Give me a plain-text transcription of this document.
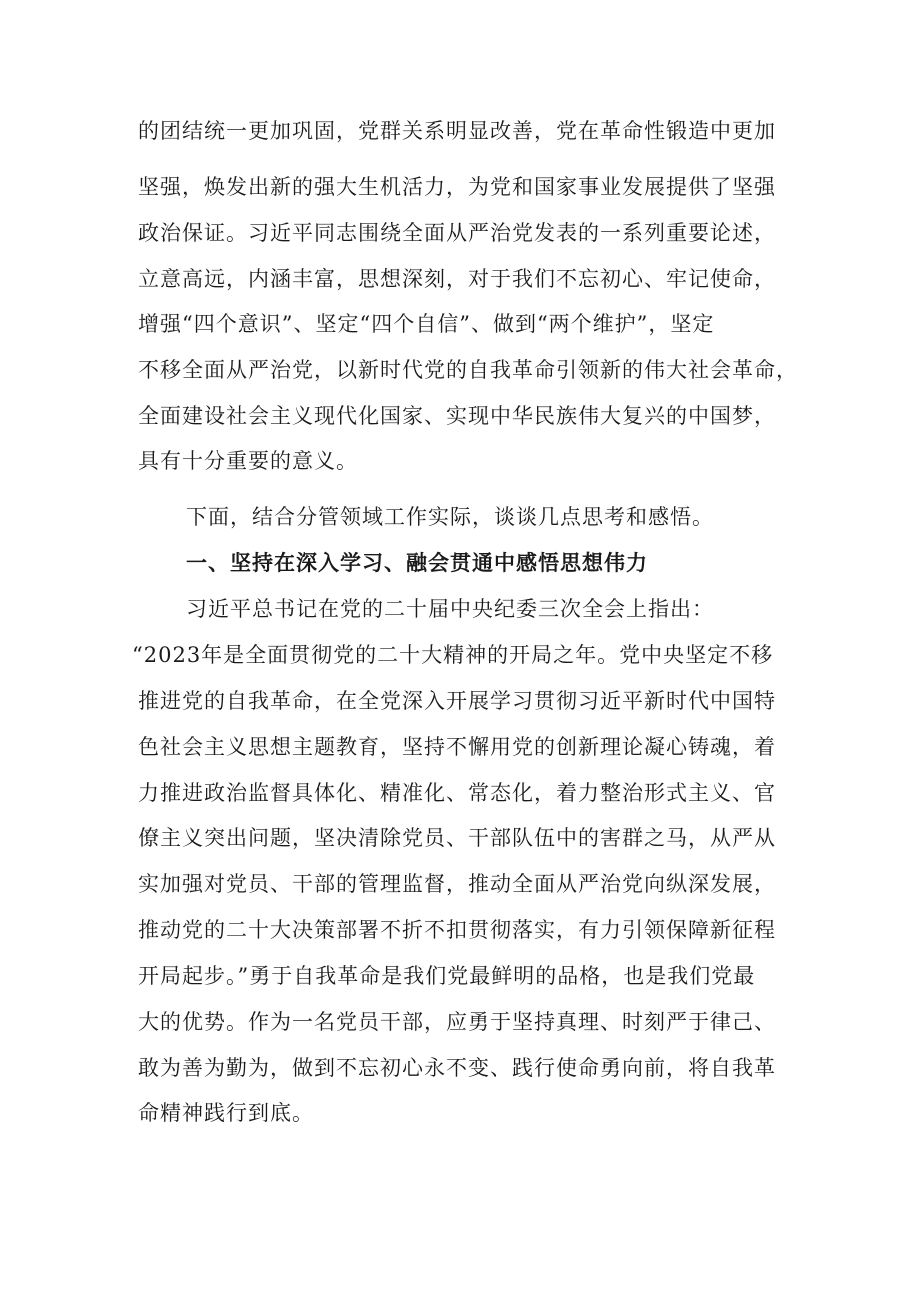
的团结统一更加巩固，党群关系明显改善，党在革命性锻造中更加
坚强，焕发出新的强大生机活力，为党和国家事业发展提供了坚强
政治保证。习近平同志围绕全面从严治党发表的一系列重要论述，
立意高远，内涵丰富，思想深刻，对于我们不忘初心、牢记使命，
增强“四个意识”、坚定“四个自信”、做到“两个维护”，坚定
不移全面从严治党，以新时代党的自我革命引领新的伟大社会革命，
全面建设社会主义现代化国家、实现中华民族伟大复兴的中国梦，
具有十分重要的意义。
下面，结合分管领域工作实际，谈谈几点思考和感悟。
一、坚持在深入学习、融会贯通中感悟思想伟力
习近平总书记在党的二十届中央纪委三次全会上指出：
“2023年是全面贯彻党的二十大精神的开局之年。党中央坚定不移
推进党的自我革命，在全党深入开展学习贯彻习近平新时代中国特
色社会主义思想主题教育，坚持不懈用党的创新理论凝心铸魂，着
力推进政治监督具体化、精准化、常态化，着力整治形式主义、官
僚主义突出问题，坚决清除党员、干部队伍中的害群之马，从严从
实加强对党员、干部的管理监督，推动全面从严治党向纵深发展，
推动党的二十大决策部署不折不扣贯彻落实，有力引领保障新征程
开局起步。”勇于自我革命是我们党最鲜明的品格，也是我们党最
大的优势。作为一名党员干部，应勇于坚持真理、时刻严于律己、
敢为善为勤为，做到不忘初心永不变、践行使命勇向前，将自我革
命精神践行到底。
